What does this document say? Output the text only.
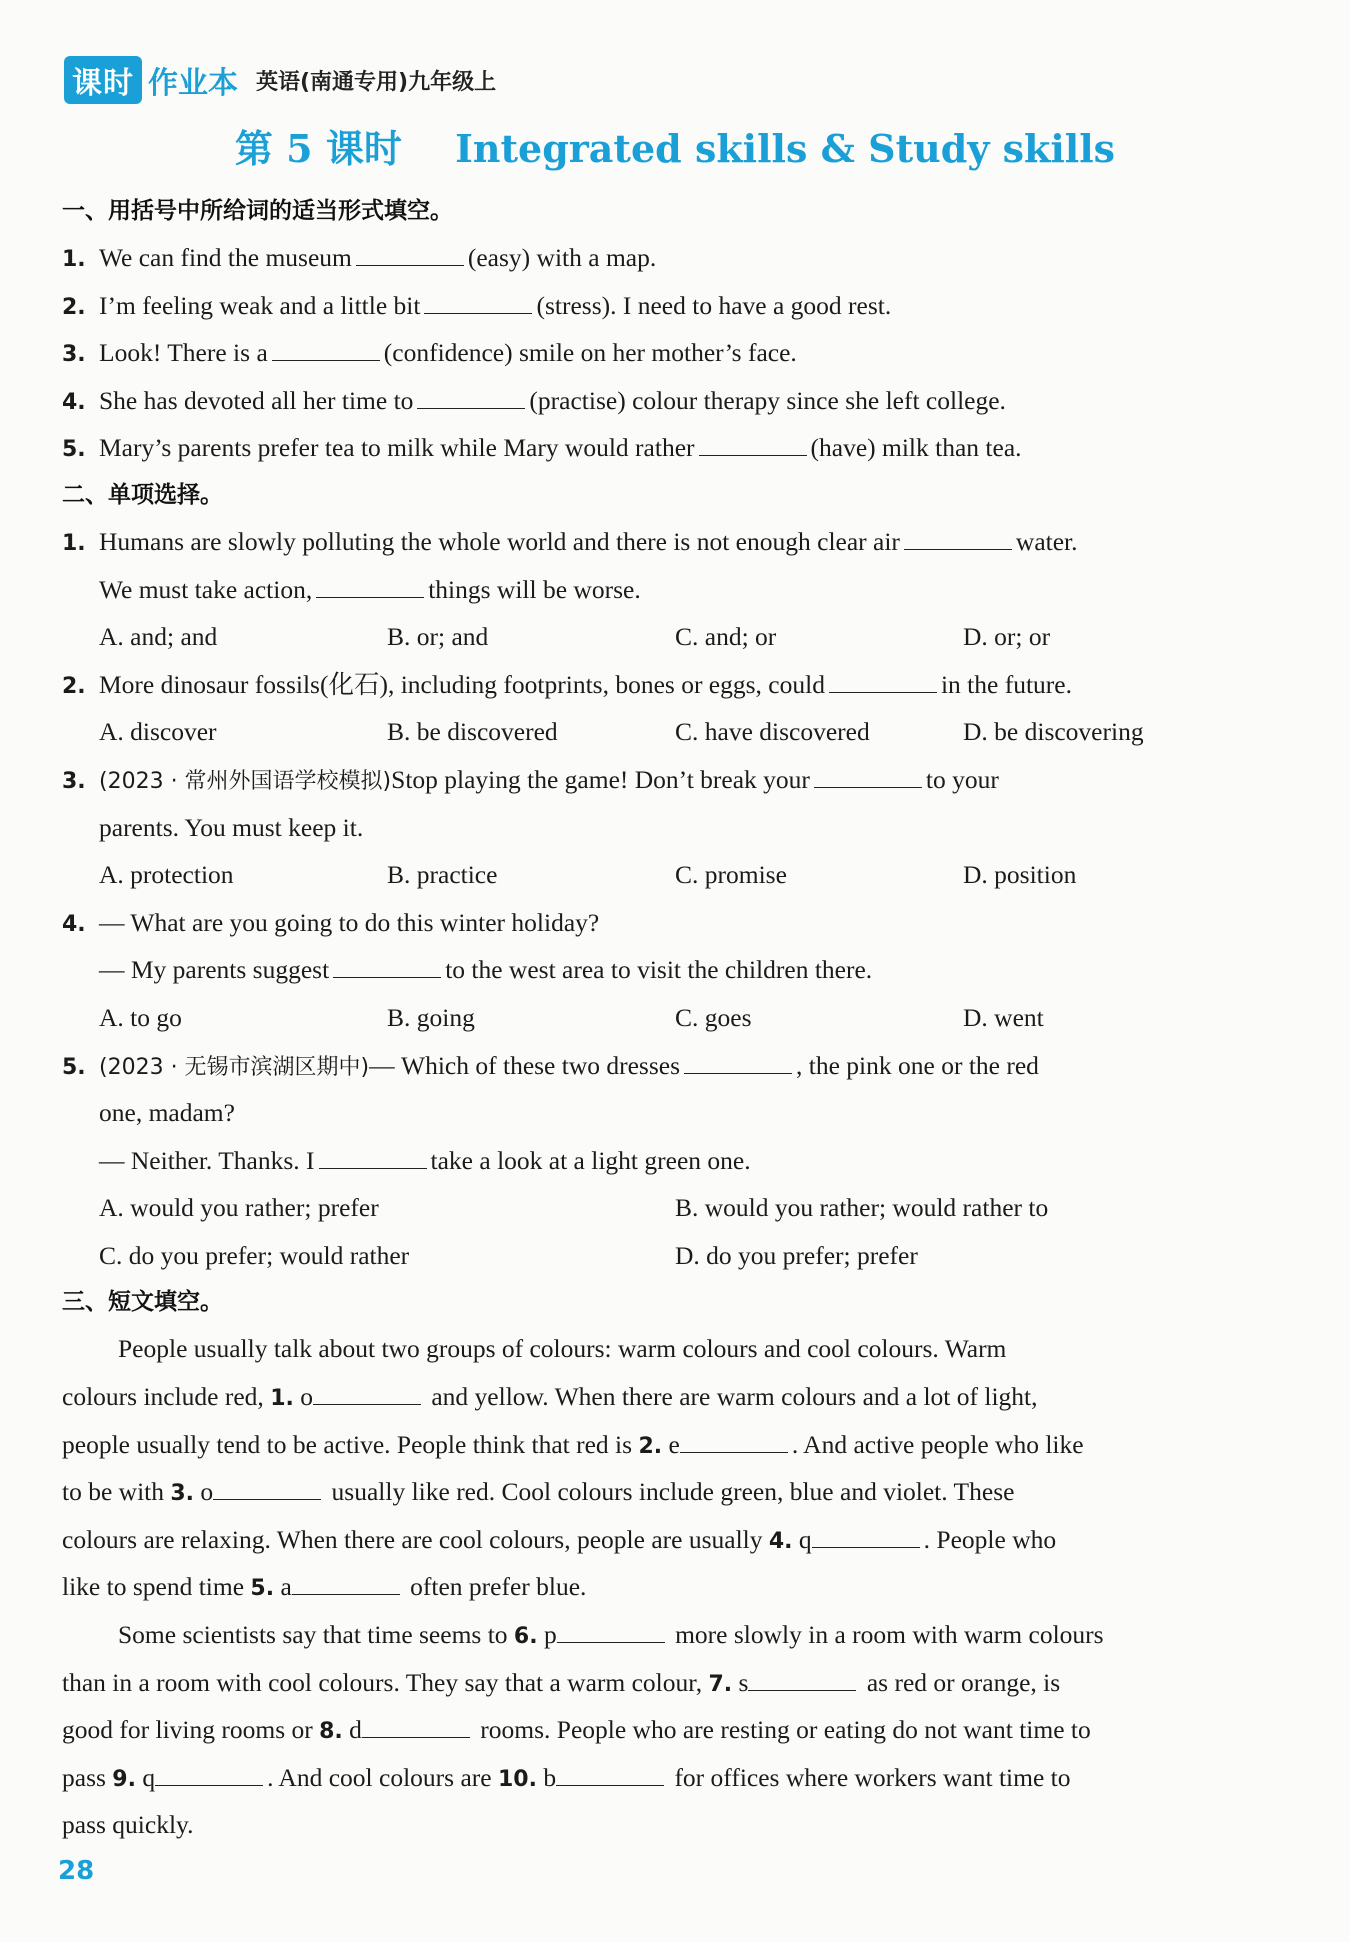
课时 作业本 英语(南通专用)九年级上
第 5 课时 Integrated skills & Study skills
一、用括号中所给词的适当形式填空。
1. We can find the museum	(easy) with a map.
2. I’m feeling weak and a little bit	(stress). I need to have a good rest.
3. Look! There is a	(confidence) smile on her mother’s face.
4. She has devoted all her time to	(practise) colour therapy since she left college.
5. Mary’s parents prefer tea to milk while Mary would rather	(have) milk than tea.
二、单项选择。
1. Humans are slowly polluting the whole world and there is not enough clear air	water.
We must take action,	things will be worse.
A. and; and	B. or; and	C. and; or	D. or; or
2. More dinosaur fossils(化石), including footprints, bones or eggs, could	in the future.
A. discover	B. be discovered	C. have discovered	D. be discovering
3. (2023 · 常州外国语学校模拟)Stop playing the game! Don’t break your	to your
parents. You must keep it.
A. protection	B. practice	C. promise	D. position
4. — What are you going to do this winter holiday?
— My parents suggest	to the west area to visit the children there.
A. to go	B. going	C. goes	D. went
5. (2023 · 无锡市滨湖区期中)— Which of these two dresses	, the pink one or the red
one, madam?
— Neither. Thanks. I	take a look at a light green one.
A. would you rather; prefer	B. would you rather; would rather to
C. do you prefer; would rather	D. do you prefer; prefer
三、短文填空。
People usually talk about two groups of colours: warm colours and cool colours. Warm
colours include red, 1. o	and yellow. When there are warm colours and a lot of light,
people usually tend to be active. People think that red is 2. e	. And active people who like
to be with 3. o	usually like red. Cool colours include green, blue and violet. These
colours are relaxing. When there are cool colours, people are usually 4. q	. People who
like to spend time 5. a	often prefer blue.
Some scientists say that time seems to 6. p	more slowly in a room with warm colours
than in a room with cool colours. They say that a warm colour, 7. s	as red or orange, is
good for living rooms or 8. d	rooms. People who are resting or eating do not want time to
pass 9. q	. And cool colours are 10. b	for offices where workers want time to
pass quickly.
28
